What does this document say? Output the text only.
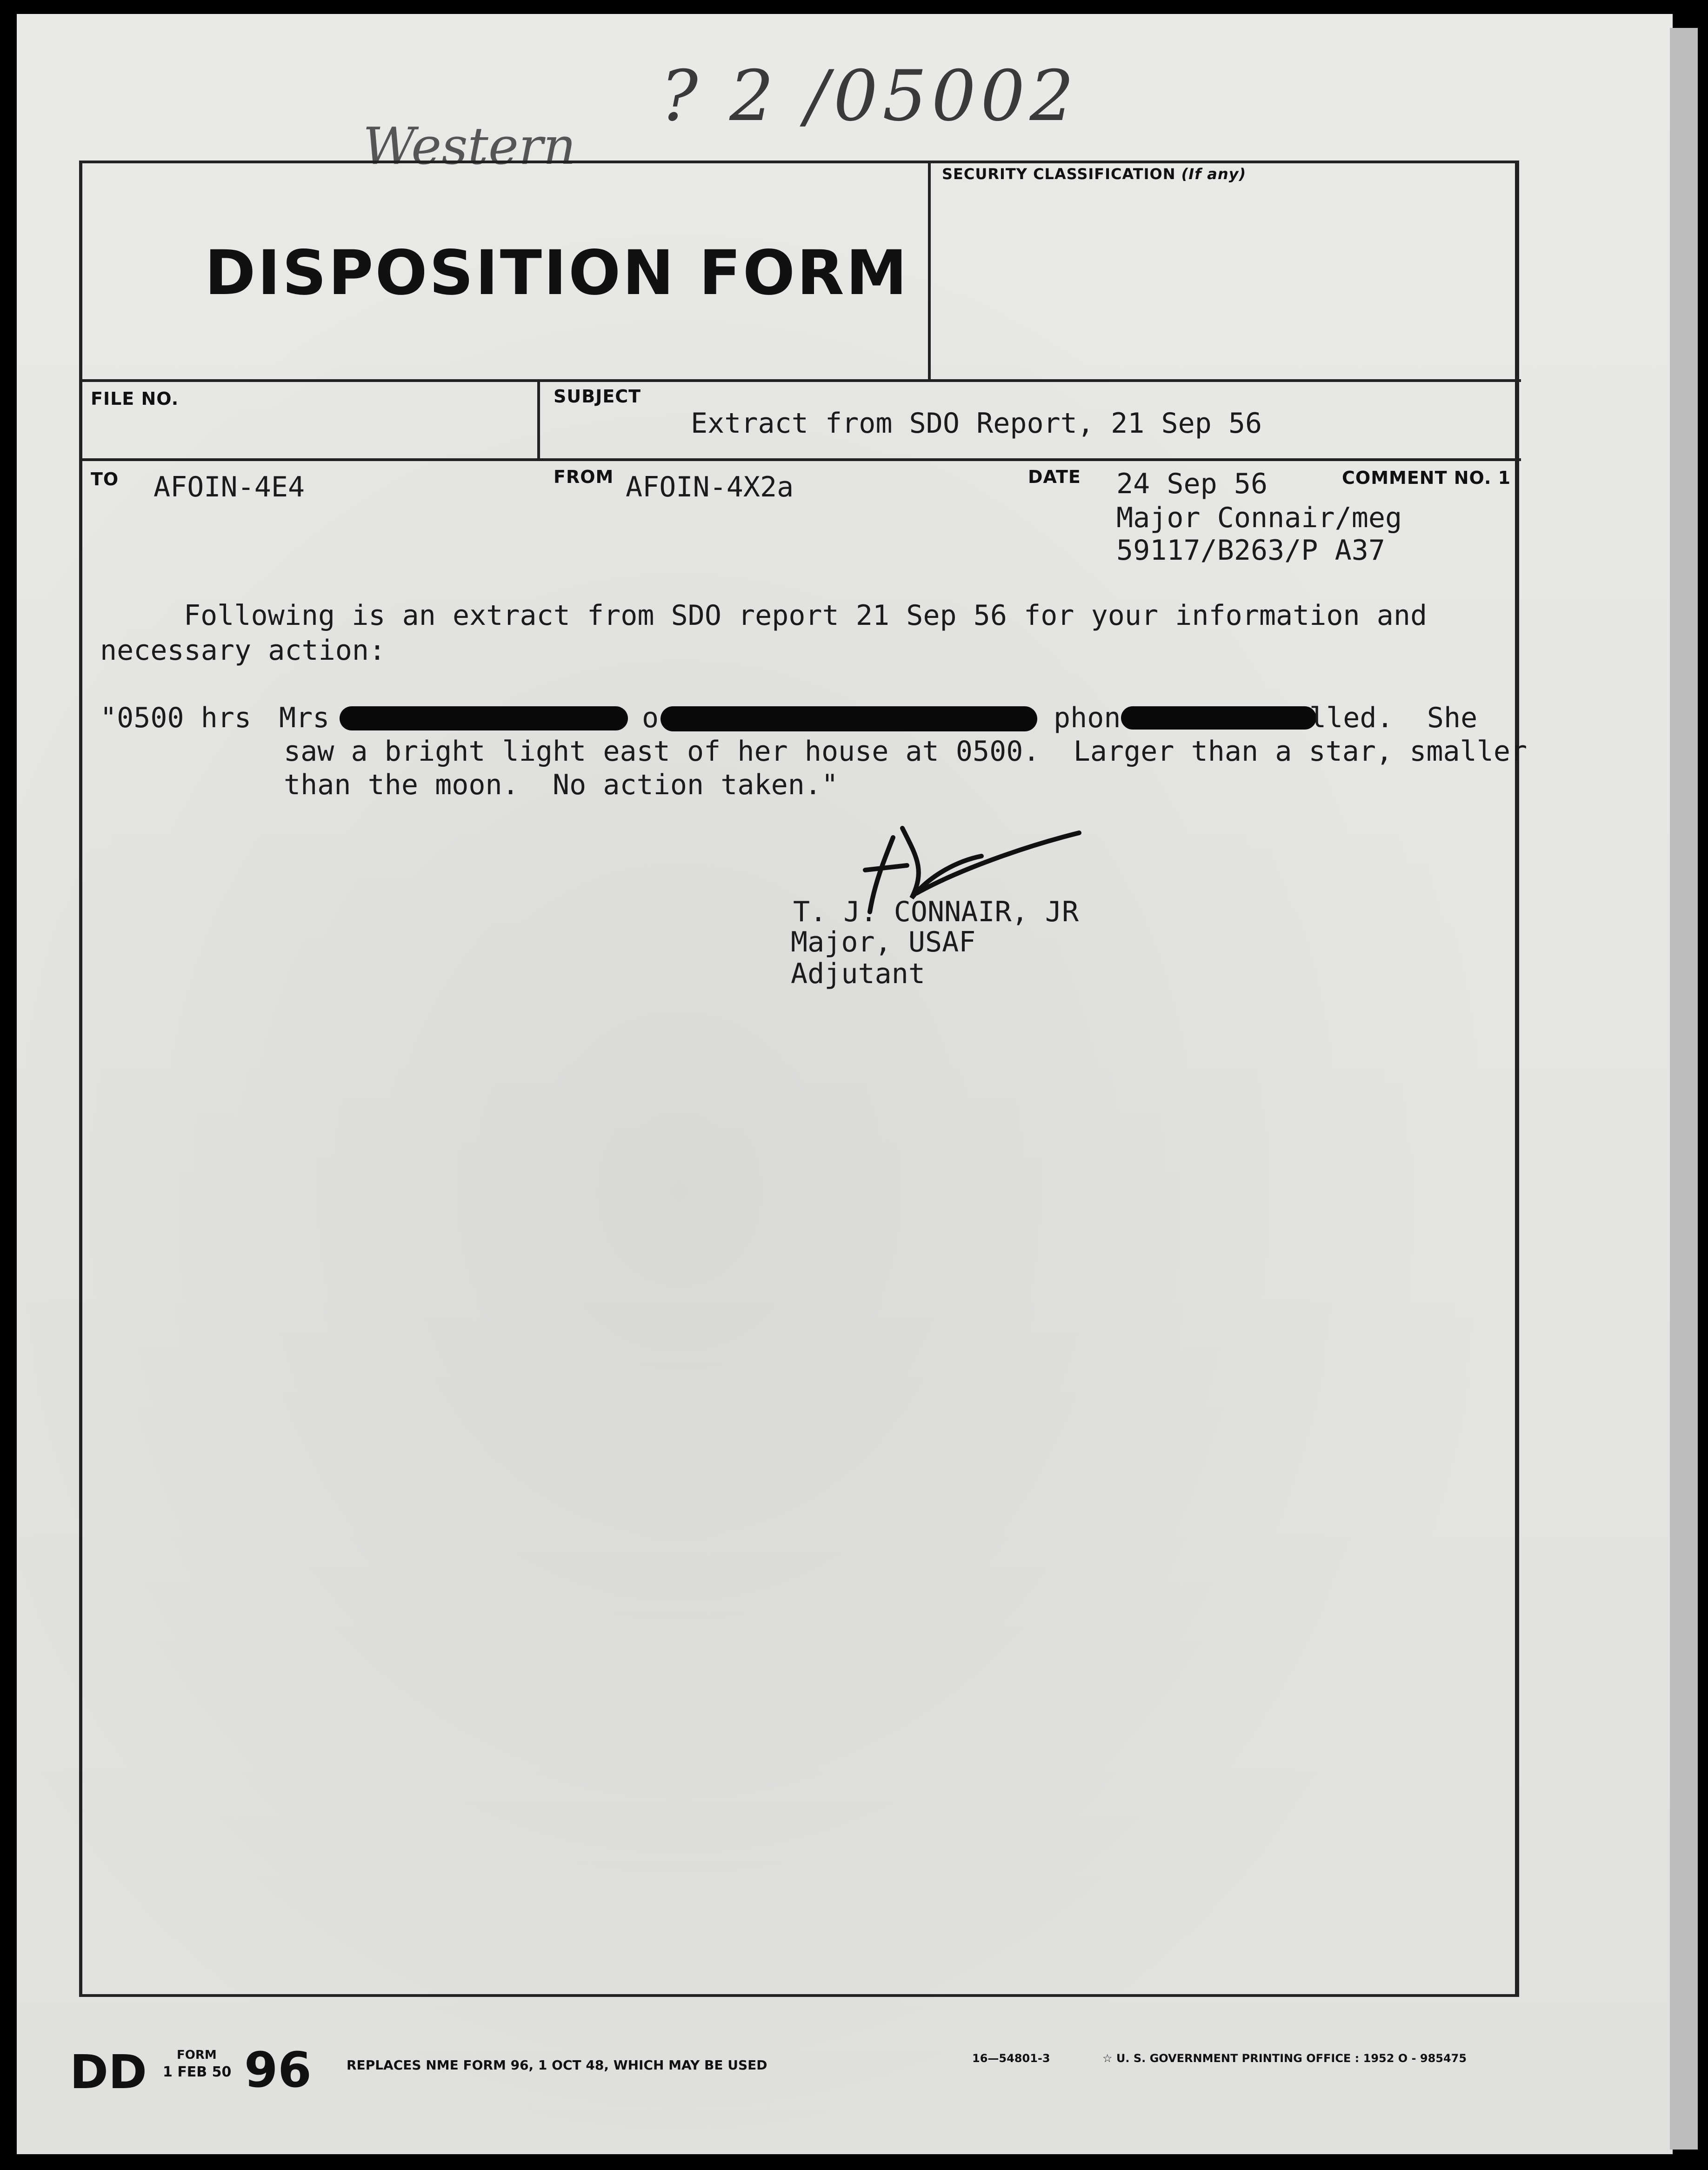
? 2 /05002
Western
DISPOSITION FORM
SECURITY CLASSIFICATION (If any)
FILE NO.	SUBJECT
Extract from SDO Report, 21 Sep 56
TO AFOIN-4E4	FROM AFOIN-4X2a	DATE 24 Sep 56	COMMENT NO. 1
Major Connair/meg
59117/B263/P A37
Following is an extract from SDO report 21 Sep 56 for your information and
necessary action:
"0500 hrs Mrs	o	phon	lled.  She
saw a bright light east of her house at 0500.  Larger than a star, smaller
than the moon.  No action taken."
T. J. CONNAIR, JR
Major, USAF
Adjutant
DD FORM
1 FEB 50 96	REPLACES NME FORM 96, 1 OCT 48, WHICH MAY BE USED	16—54801-3	☆ U. S. GOVERNMENT PRINTING OFFICE : 1952 O - 985475
